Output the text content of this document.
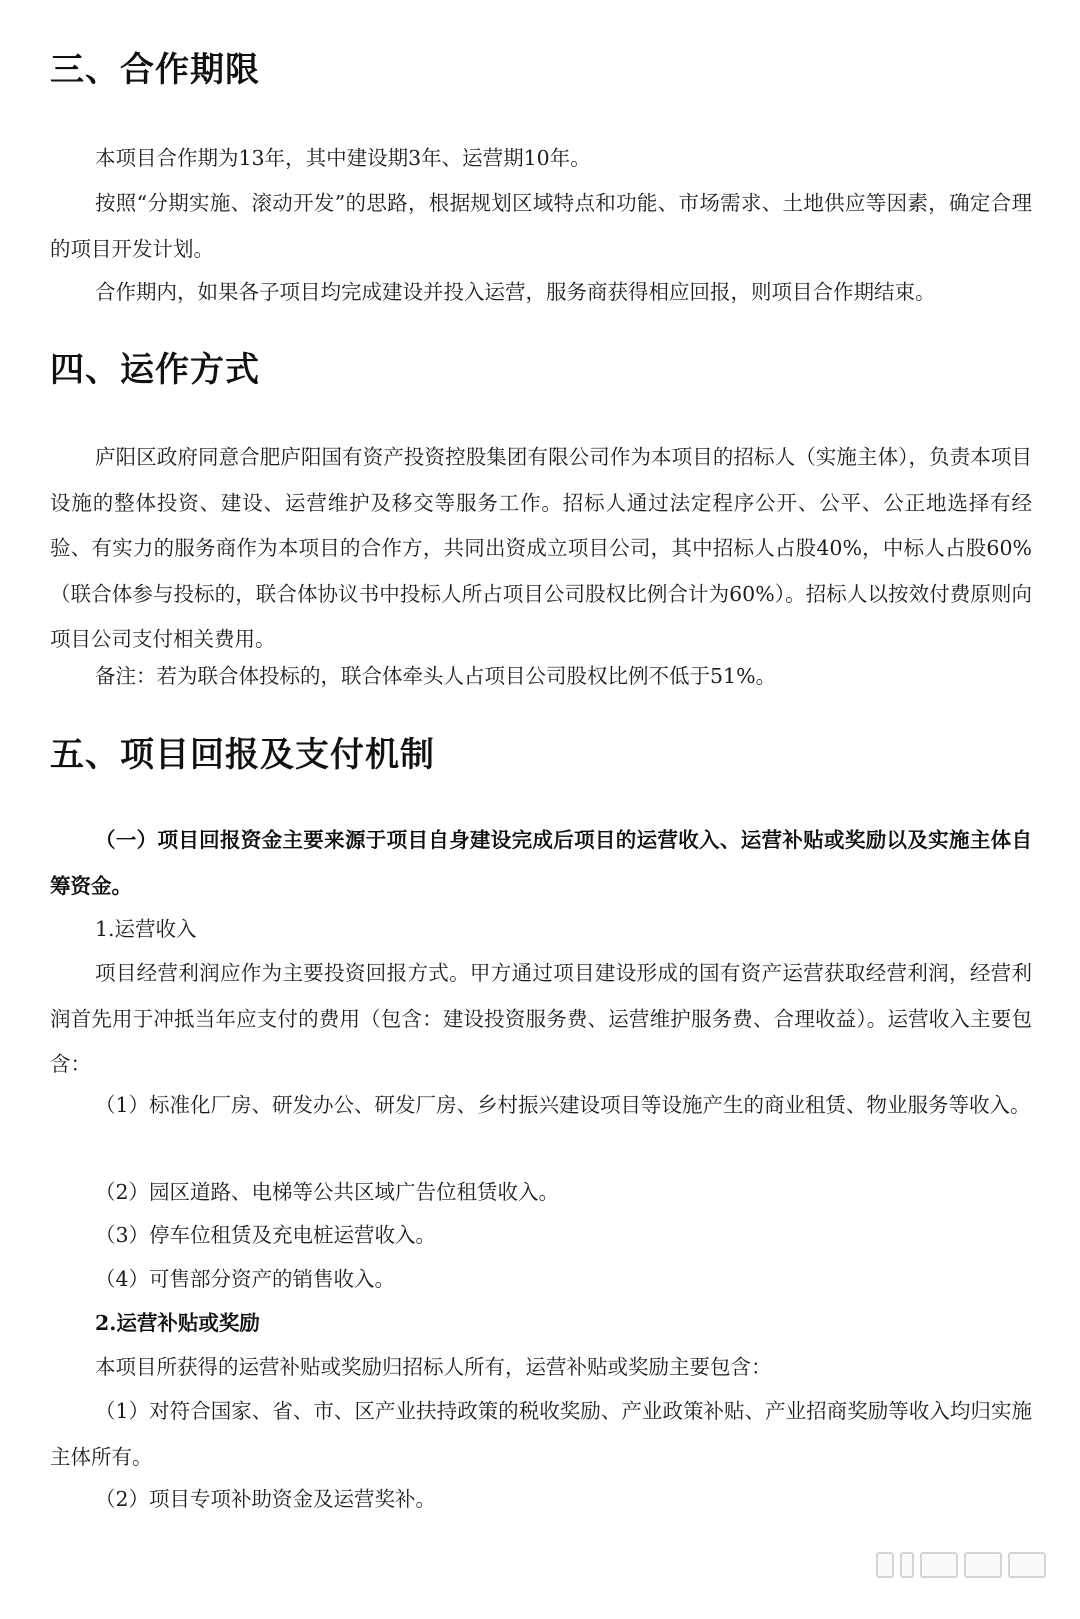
三、合作期限

本项目合作期为13年，其中建设期3年、运营期10年。

按照“分期实施、滚动开发”的思路，根据规划区域特点和功能、市场需求、土地供应等因素，确定合理的项目开发计划。

合作期内，如果各子项目均完成建设并投入运营，服务商获得相应回报，则项目合作期结束。

四、运作方式

庐阳区政府同意合肥庐阳国有资产投资控股集团有限公司作为本项目的招标人（实施主体），负责本项目设施的整体投资、建设、运营维护及移交等服务工作。招标人通过法定程序公开、公平、公正地选择有经验、有实力的服务商作为本项目的合作方，共同出资成立项目公司，其中招标人占股40%，中标人占股60%（联合体参与投标的，联合体协议书中投标人所占项目公司股权比例合计为60%）。招标人以按效付费原则向项目公司支付相关费用。

备注：若为联合体投标的，联合体牵头人占项目公司股权比例不低于51%。

五、项目回报及支付机制

（一）项目回报资金主要来源于项目自身建设完成后项目的运营收入、运营补贴或奖励以及实施主体自筹资金。

1.运营收入

项目经营利润应作为主要投资回报方式。甲方通过项目建设形成的国有资产运营获取经营利润，经营利润首先用于冲抵当年应支付的费用（包含：建设投资服务费、运营维护服务费、合理收益）。运营收入主要包含：

（1）标准化厂房、研发办公、研发厂房、乡村振兴建设项目等设施产生的商业租赁、物业服务等收入。

（2）园区道路、电梯等公共区域广告位租赁收入。

（3）停车位租赁及充电桩运营收入。

（4）可售部分资产的销售收入。

2.运营补贴或奖励

本项目所获得的运营补贴或奖励归招标人所有，运营补贴或奖励主要包含：

（1）对符合国家、省、市、区产业扶持政策的税收奖励、产业政策补贴、产业招商奖励等收入均归实施主体所有。

（2）项目专项补助资金及运营奖补。
